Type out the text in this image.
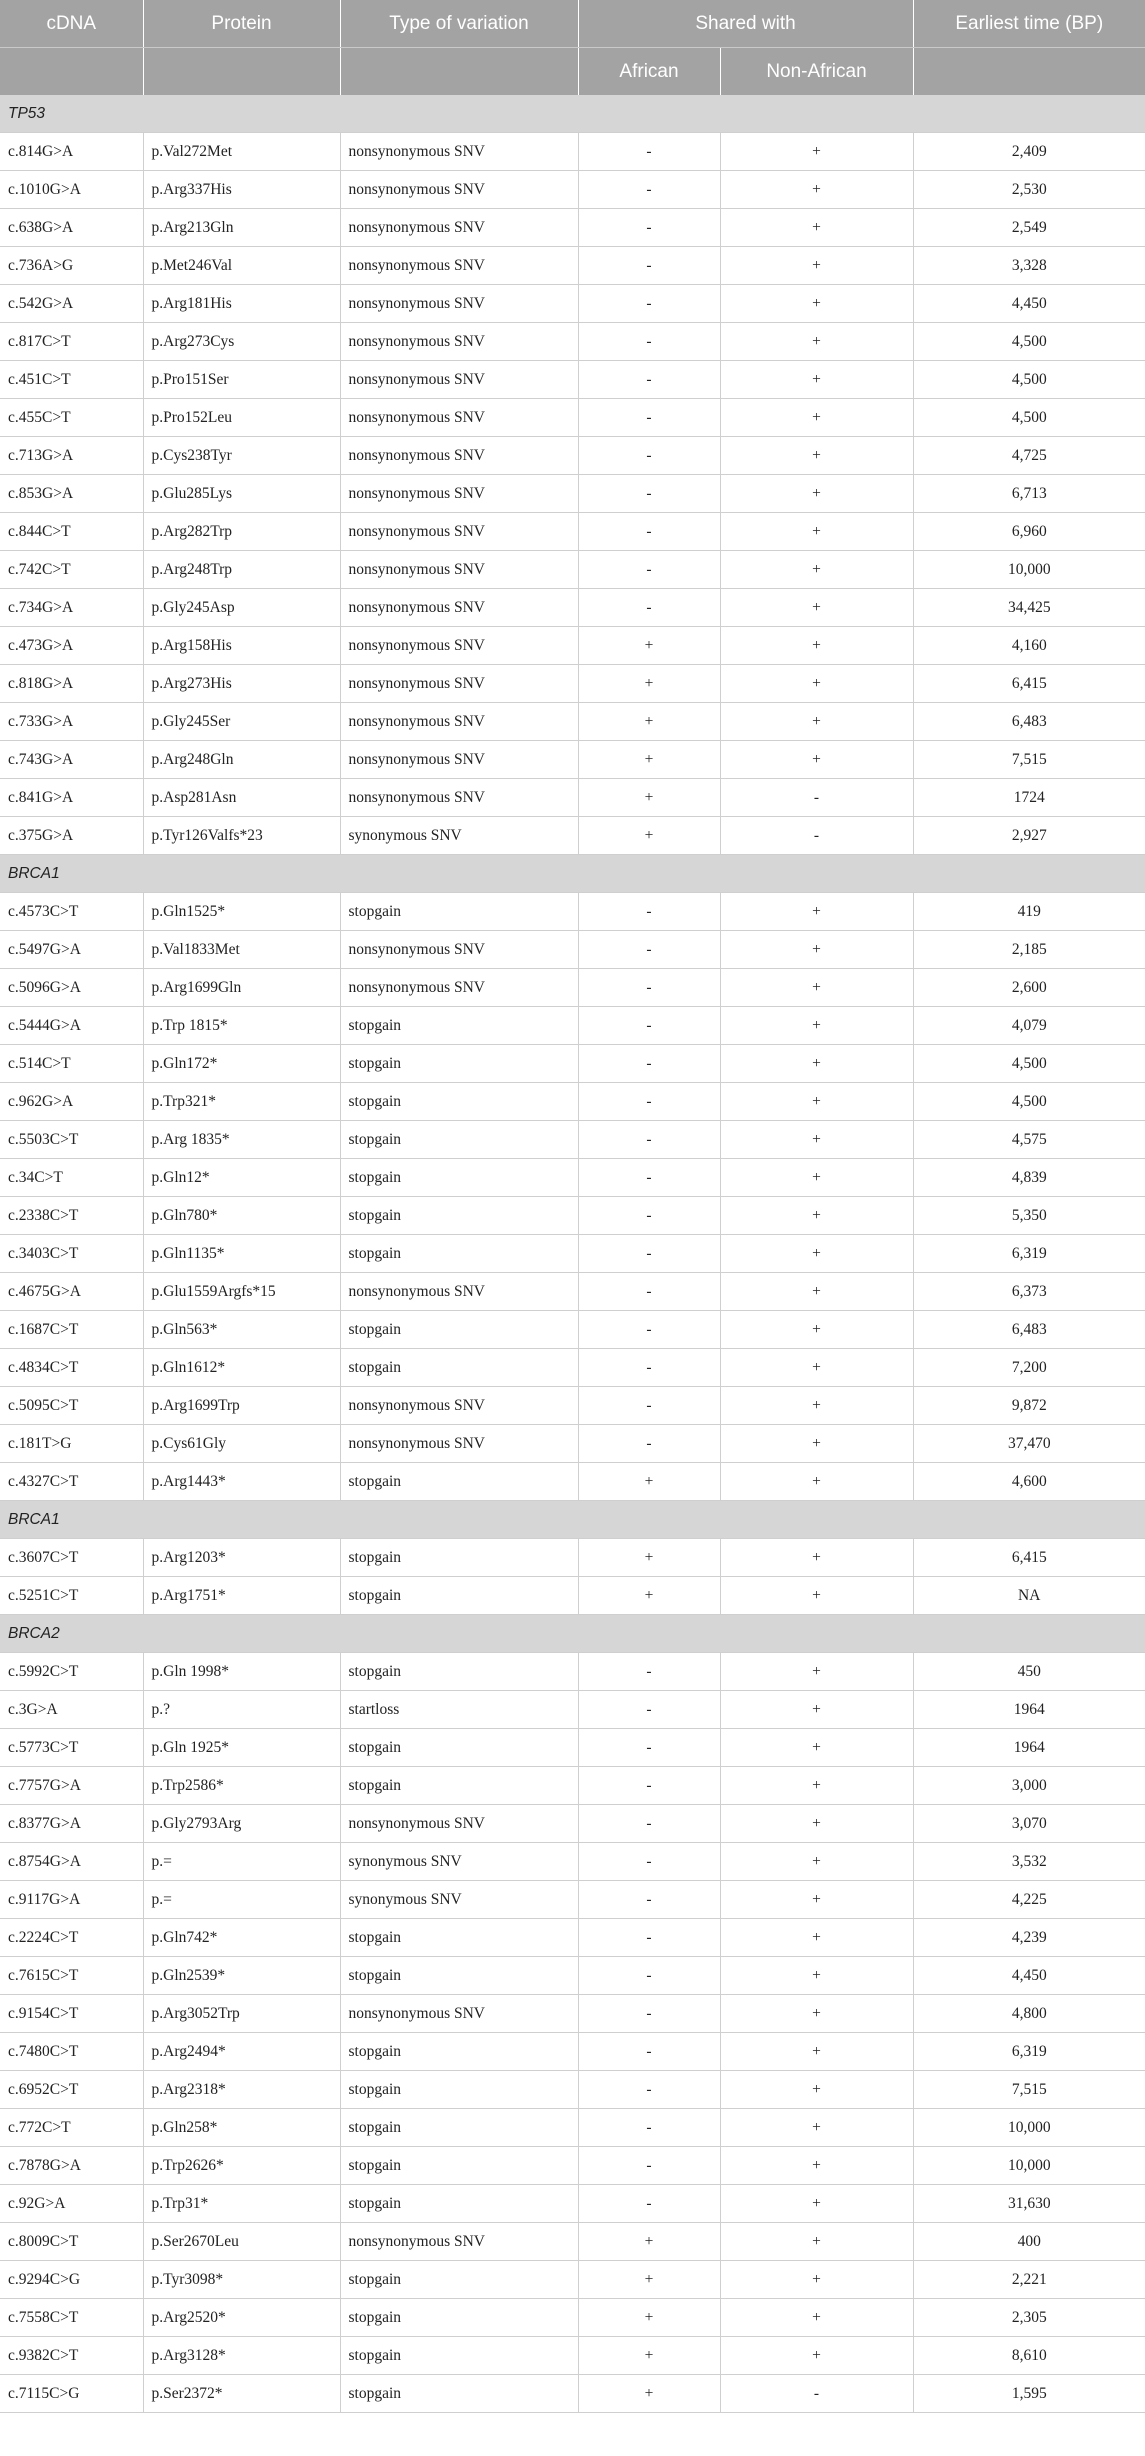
cDNA	Protein	Type of variation	Shared with		Earliest time (BP)
			African	Non-African	
TP53					
c.814G>A	p.Val272Met	nonsynonymous SNV	-	+	2,409
c.1010G>A	p.Arg337His	nonsynonymous SNV	-	+	2,530
c.638G>A	p.Arg213Gln	nonsynonymous SNV	-	+	2,549
c.736A>G	p.Met246Val	nonsynonymous SNV	-	+	3,328
c.542G>A	p.Arg181His	nonsynonymous SNV	-	+	4,450
c.817C>T	p.Arg273Cys	nonsynonymous SNV	-	+	4,500
c.451C>T	p.Pro151Ser	nonsynonymous SNV	-	+	4,500
c.455C>T	p.Pro152Leu	nonsynonymous SNV	-	+	4,500
c.713G>A	p.Cys238Tyr	nonsynonymous SNV	-	+	4,725
c.853G>A	p.Glu285Lys	nonsynonymous SNV	-	+	6,713
c.844C>T	p.Arg282Trp	nonsynonymous SNV	-	+	6,960
c.742C>T	p.Arg248Trp	nonsynonymous SNV	-	+	10,000
c.734G>A	p.Gly245Asp	nonsynonymous SNV	-	+	34,425
c.473G>A	p.Arg158His	nonsynonymous SNV	+	+	4,160
c.818G>A	p.Arg273His	nonsynonymous SNV	+	+	6,415
c.733G>A	p.Gly245Ser	nonsynonymous SNV	+	+	6,483
c.743G>A	p.Arg248Gln	nonsynonymous SNV	+	+	7,515
c.841G>A	p.Asp281Asn	nonsynonymous SNV	+	-	1724
c.375G>A	p.Tyr126Valfs*23	synonymous SNV	+	-	2,927
BRCA1					
c.4573C>T	p.Gln1525*	stopgain	-	+	419
c.5497G>A	p.Val1833Met	nonsynonymous SNV	-	+	2,185
c.5096G>A	p.Arg1699Gln	nonsynonymous SNV	-	+	2,600
c.5444G>A	p.Trp 1815*	stopgain	-	+	4,079
c.514C>T	p.Gln172*	stopgain	-	+	4,500
c.962G>A	p.Trp321*	stopgain	-	+	4,500
c.5503C>T	p.Arg 1835*	stopgain	-	+	4,575
c.34C>T	p.Gln12*	stopgain	-	+	4,839
c.2338C>T	p.Gln780*	stopgain	-	+	5,350
c.3403C>T	p.Gln1135*	stopgain	-	+	6,319
c.4675G>A	p.Glu1559Argfs*15	nonsynonymous SNV	-	+	6,373
c.1687C>T	p.Gln563*	stopgain	-	+	6,483
c.4834C>T	p.Gln1612*	stopgain	-	+	7,200
c.5095C>T	p.Arg1699Trp	nonsynonymous SNV	-	+	9,872
c.181T>G	p.Cys61Gly	nonsynonymous SNV	-	+	37,470
c.4327C>T	p.Arg1443*	stopgain	+	+	4,600
BRCA1					
c.3607C>T	p.Arg1203*	stopgain	+	+	6,415
c.5251C>T	p.Arg1751*	stopgain	+	+	NA
BRCA2					
c.5992C>T	p.Gln 1998*	stopgain	-	+	450
c.3G>A	p.?	startloss	-	+	1964
c.5773C>T	p.Gln 1925*	stopgain	-	+	1964
c.7757G>A	p.Trp2586*	stopgain	-	+	3,000
c.8377G>A	p.Gly2793Arg	nonsynonymous SNV	-	+	3,070
c.8754G>A	p.=	synonymous SNV	-	+	3,532
c.9117G>A	p.=	synonymous SNV	-	+	4,225
c.2224C>T	p.Gln742*	stopgain	-	+	4,239
c.7615C>T	p.Gln2539*	stopgain	-	+	4,450
c.9154C>T	p.Arg3052Trp	nonsynonymous SNV	-	+	4,800
c.7480C>T	p.Arg2494*	stopgain	-	+	6,319
c.6952C>T	p.Arg2318*	stopgain	-	+	7,515
c.772C>T	p.Gln258*	stopgain	-	+	10,000
c.7878G>A	p.Trp2626*	stopgain	-	+	10,000
c.92G>A	p.Trp31*	stopgain	-	+	31,630
c.8009C>T	p.Ser2670Leu	nonsynonymous SNV	+	+	400
c.9294C>G	p.Tyr3098*	stopgain	+	+	2,221
c.7558C>T	p.Arg2520*	stopgain	+	+	2,305
c.9382C>T	p.Arg3128*	stopgain	+	+	8,610
c.7115C>G	p.Ser2372*	stopgain	+	-	1,595
